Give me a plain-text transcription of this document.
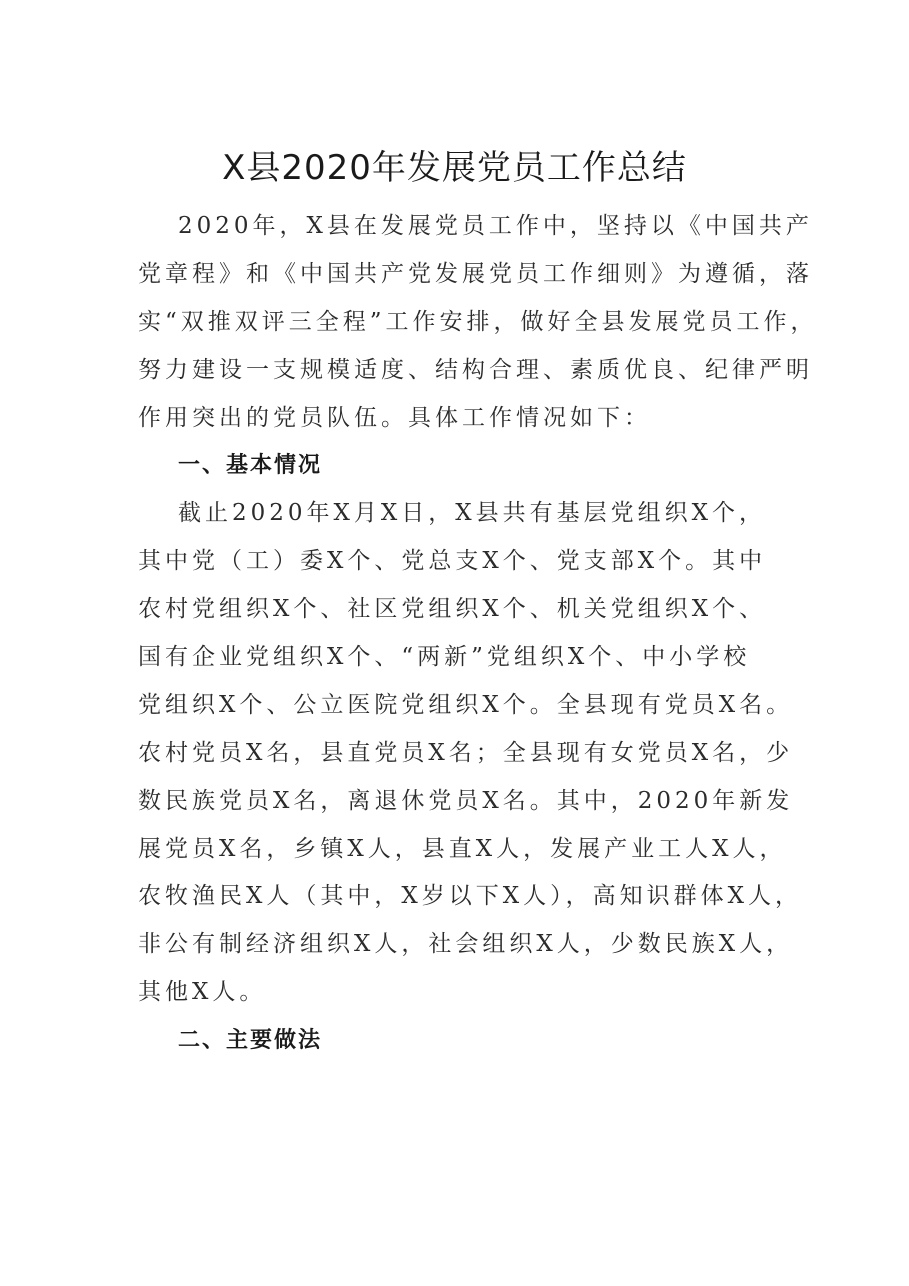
X县2020年发展党员工作总结
2020年，X县在发展党员工作中，坚持以《中国共产
党章程》和《中国共产党发展党员工作细则》为遵循，落
实“双推双评三全程”工作安排，做好全县发展党员工作，
努力建设一支规模适度、结构合理、素质优良、纪律严明
作用突出的党员队伍。具体工作情况如下：
一、基本情况
截止2020年X月X日，X县共有基层党组织X个，
其中党（工）委X个、党总支X个、党支部X个。其中
农村党组织X个、社区党组织X个、机关党组织X个、
国有企业党组织X个、“两新”党组织X个、中小学校
党组织X个、公立医院党组织X个。全县现有党员X名。
农村党员X名，县直党员X名；全县现有女党员X名，少
数民族党员X名，离退休党员X名。其中，2020年新发
展党员X名，乡镇X人，县直X人，发展产业工人X人，
农牧渔民X人（其中，X岁以下X人），高知识群体X人，
非公有制经济组织X人，社会组织X人，少数民族X人，
其他X人。
二、主要做法
